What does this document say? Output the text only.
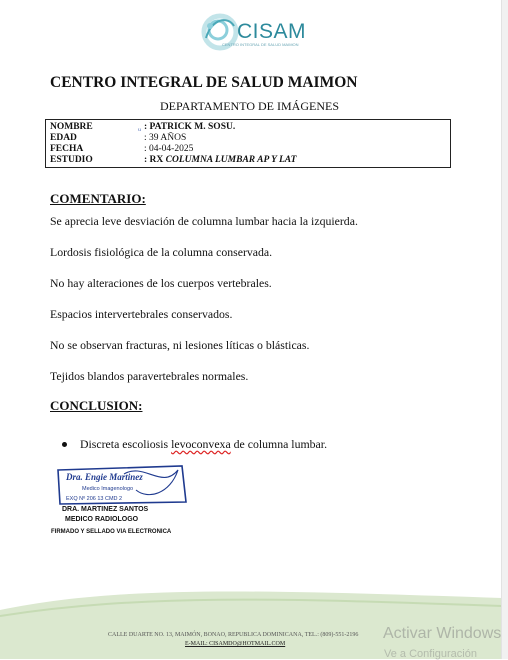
CISAM
CENTRO INTEGRAL DE SALUD MAIMON
CENTRO INTEGRAL DE SALUD MAIMON
DEPARTAMENTO DE IMÁGENES
NOMBRE	ᵤ : PATRICK M. SOSU.
EDAD	: 39 AÑOS
FECHA	: 04-04-2025
ESTUDIO	: RX COLUMNA LUMBAR AP Y LAT
COMENTARIO:
Se aprecia leve desviación de columna lumbar hacia la izquierda.
Lordosis fisiológica de la columna conservada.
No hay alteraciones de los cuerpos vertebrales.
Espacios intervertebrales conservados.
No se observan fracturas, ni lesiones líticas o blásticas.
Tejidos blandos paravertebrales normales.
CONCLUSION:
Discreta escoliosis levoconvexa de columna lumbar.
Dra. Engie Martinez
Medico Imagenologo
EXQ Nº 206 13 CMD 2
DRA. MARTINEZ SANTOS
MEDICO RADIOLOGO
FIRMADO Y SELLADO VIA ELECTRONICA
CALLE DUARTE NO. 13, MAIMÓN, BONAO, REPUBLICA DOMINICANA, TEL.: (809)-551-2196
E-MAIL: CISAMDO@HOTMAIL.COM
Activar Windows
Ve a Configuración
